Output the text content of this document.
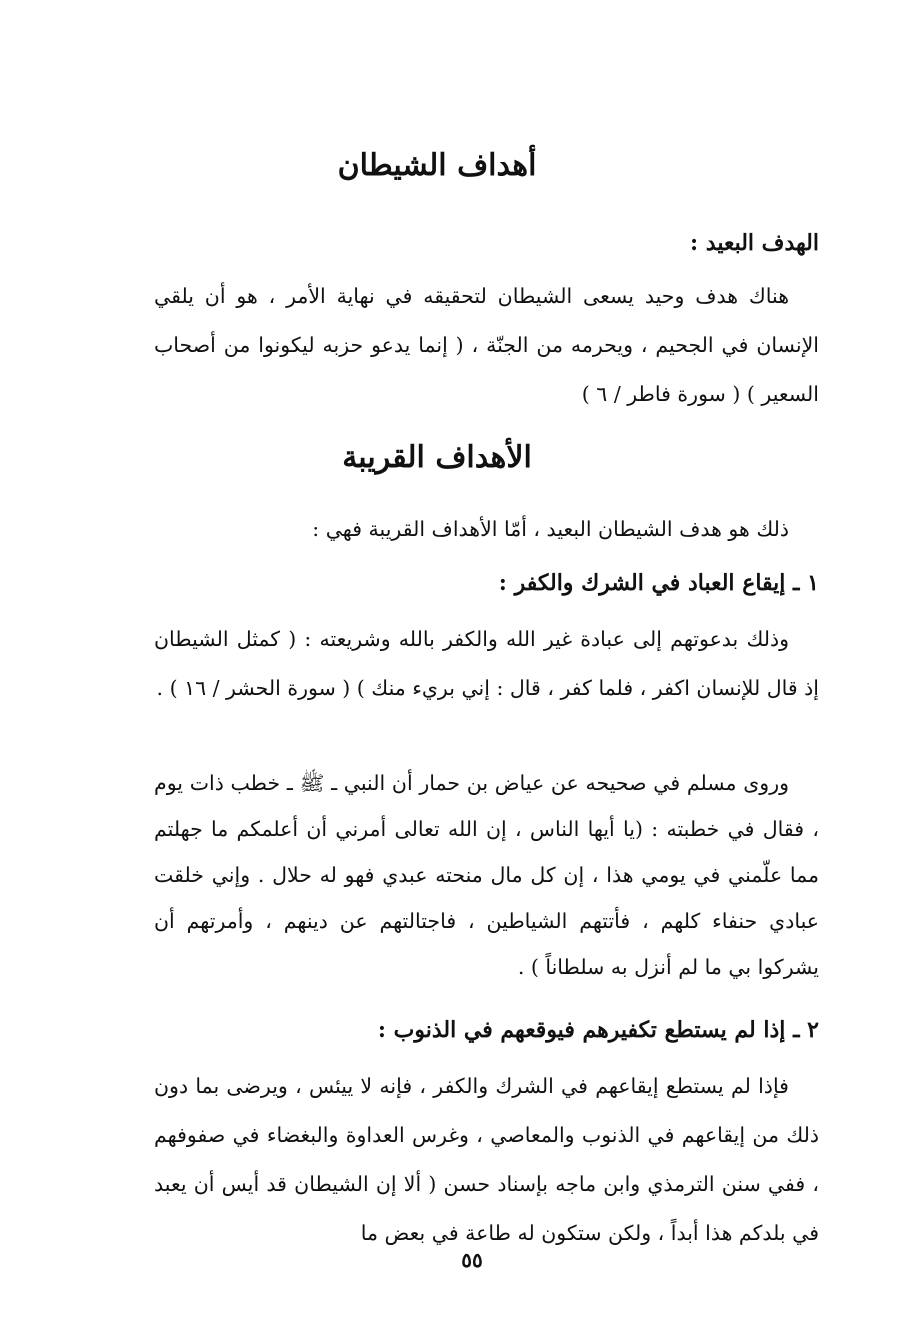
أهداف الشيطان
الهدف البعيد :

هناك هدف وحيد يسعى الشيطان لتحقيقه في نهاية الأمر ، هو أن يلقي الإنسان في الجحيم ، ويحرمه من الجنّة ، ( إنما يدعو حزبه ليكونوا من أصحاب السعير ) ( سورة فاطر / ٦ )

الأهداف القريبة

ذلك هو هدف الشيطان البعيد ، أمّا الأهداف القريبة فهي :

١ ـ إيقاع العباد في الشرك والكفر :

وذلك بدعوتهم إلى عبادة غير الله والكفر بالله وشريعته : ( كمثل الشيطان إذ قال للإنسان اكفر ، فلما كفر ، قال : إني بريء منك ) ( سورة الحشر / ١٦ ) .

وروى مسلم في صحيحه عن عياض بن حمار أن النبي ـ ﷺ ـ خطب ذات يوم ، فقال في خطبته : (يا أيها الناس ، إن الله تعالى أمرني أن أعلمكم ما جهلتم مما علّمني في يومي هذا ، إن كل مال منحته عبدي فهو له حلال . وإني خلقت عبادي حنفاء كلهم ، فأتتهم الشياطين ، فاجتالتهم عن دينهم ، وأمرتهم أن يشركوا بي ما لم أنزل به سلطاناً ) .

٢ ـ إذا لم يستطع تكفيرهم فيوقعهم في الذنوب :

فإذا لم يستطع إيقاعهم في الشرك والكفر ، فإنه لا ييئس ، ويرضى بما دون ذلك من إيقاعهم في الذنوب والمعاصي ، وغرس العداوة والبغضاء في صفوفهم ، ففي سنن الترمذي وابن ماجه بإسناد حسن ( ألا إن الشيطان قد أيس أن يعبد في بلدكم هذا أبداً ، ولكن ستكون له طاعة في بعض ما

٥٥
